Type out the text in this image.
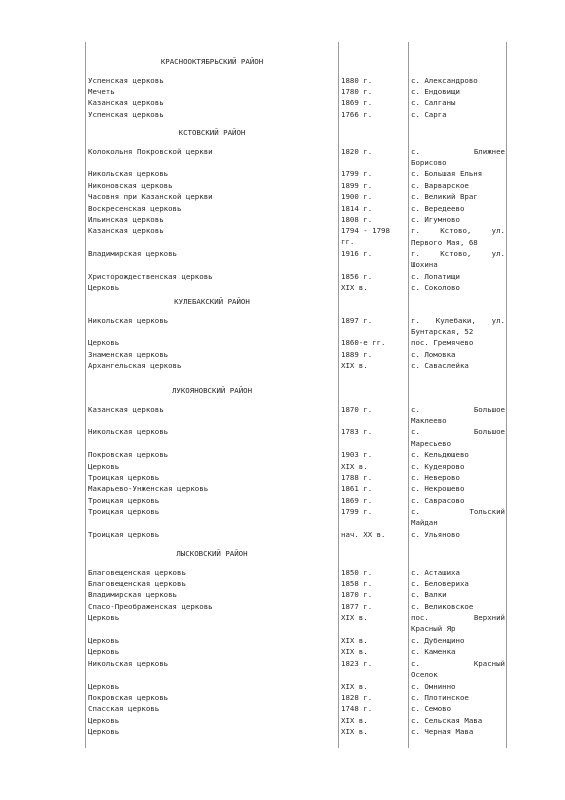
КРАСНООКТЯБРЬСКИЙ РАЙОН
Успенская церковь	1880 г.	с. Александрово
Мечеть	1780 г.	с. Ендовищи
Казанская церковь	1869 г.	с. Салганы
Успенская церковь	1766 г.	с. Сарга
КСТОВСКИЙ РАЙОН
Колокольня Покровской церкви	1820 г.	с. Ближнее
Борисово
Никольская церковь	1799 г.	с. Большая Ельня
Никоновская церковь	1899 г.	с. Варварское
Часовня при Казанской церкви	1900 г.	с. Великий Враг
Воскресенская церковь	1814 г.	с. Вередеево
Ильинская церковь	1808 г.	с. Игумново
Казанская церковь	1794 - 1798 гг.
г. Кстово, ул.
Первого Мая, 68
Владимирская церковь	1916 г.	г. Кстово, ул.
Шохина
Христорождественская церковь	1856 г.	с. Лопатищи
Церковь	XIX в.	с. Соколово
КУЛЕБАКСКИЙ РАЙОН
Никольская церковь	1897 г.	г. Кулебаки, ул.
Бунтарская, 52
Церковь	1860-е гг.	пос. Гремячево
Знаменская церковь	1889 г.	с. Ломовка
Архангельская церковь	XIX в.	с. Саваслейка
ЛУКОЯНОВСКИЙ РАЙОН
Казанская церковь	1870 г.	с. Большое
Маклеево
Никольская церковь	1783 г.	с. Большое
Маресьево
Покровская церковь	1903 г.	с. Кельдюшево
Церковь	XIX в.	с. Кудеярово
Троицкая церковь	1788 г.	с. Неверово
Макарьево-Унженская церковь	1861 г.	с. Некрошево
Троицкая церковь	1869 г.	с. Саврасово
Троицкая церковь	1799 г.	с. Тольский
Майдан
Троицкая церковь	нач. XX в.	с. Ульяново
ЛЫСКОВСКИЙ РАЙОН
Благовещенская церковь	1850 г.	с. Асташиха
Благовещенская церковь	1858 г.	с. Беловериха
Владимирская церковь	1870 г.	с. Валки
Спасо-Преображенская церковь	1877 г.	с. Великовское
Церковь	XIX в.	пос. Верхний
Красный Яр
Церковь	XIX в.	с. Дубенщино
Церковь	XIX в.	с. Каменка
Никольская церковь	1823 г.	с. Красный
Оселок
Церковь	XIX в.	с. Омнинно
Покровская церковь	1828 г.	с. Плотинское
Спасская церковь	1748 г.	с. Семово
Церковь	XIX в.	с. Сельская Мава
Церковь	XIX в.	с. Черная Мава
